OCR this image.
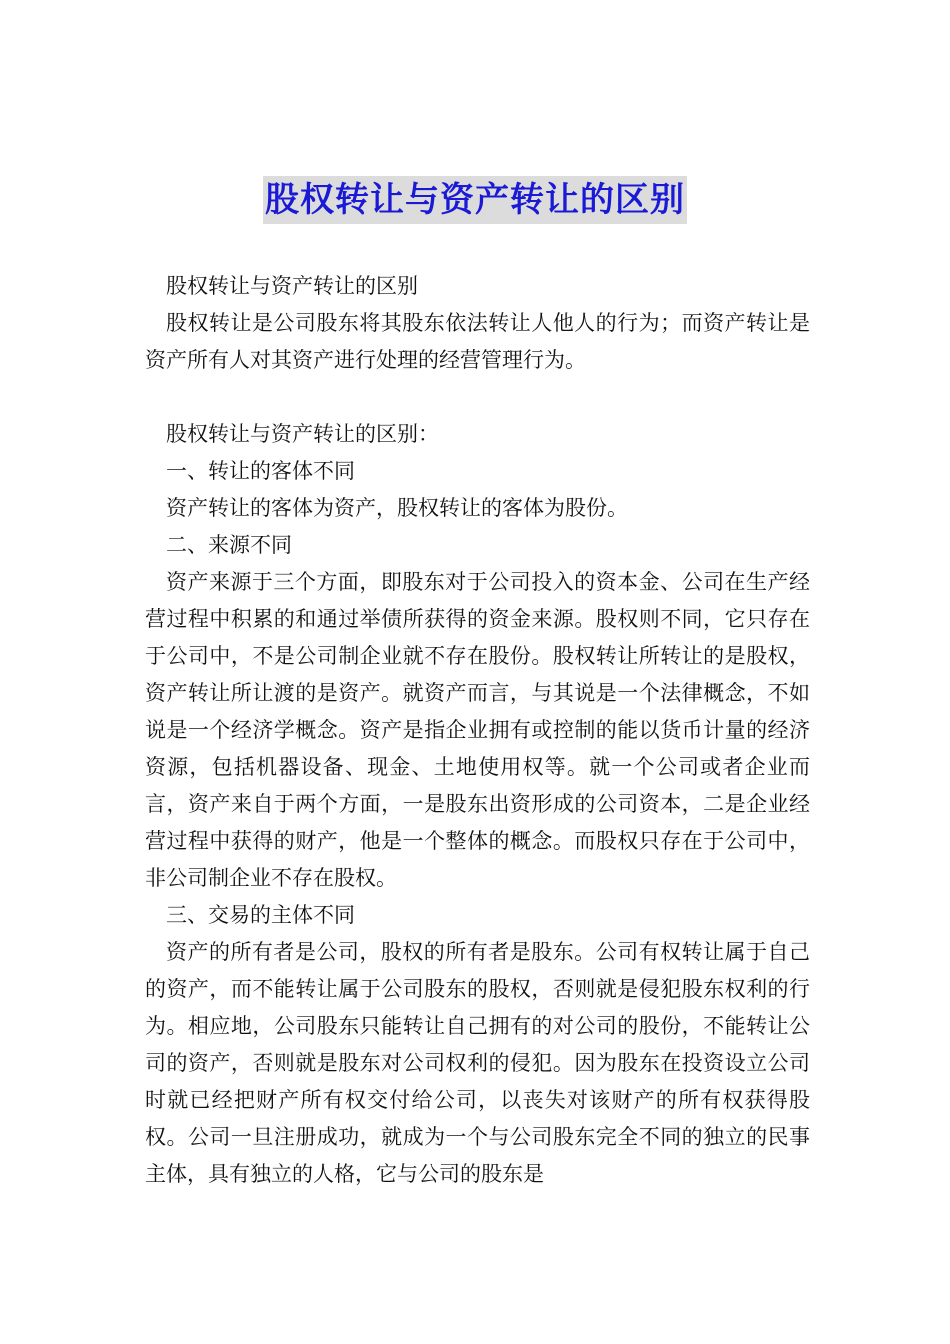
股权转让与资产转让的区别

股权转让与资产转让的区别

股权转让是公司股东将其股东依法转让人他人的行为；而资产转让是资产所有人对其资产进行处理的经营管理行为。

股权转让与资产转让的区别：

一、转让的客体不同

资产转让的客体为资产，股权转让的客体为股份。

二、来源不同

资产来源于三个方面，即股东对于公司投入的资本金、公司在生产经营过程中积累的和通过举债所获得的资金来源。股权则不同，它只存在于公司中，不是公司制企业就不存在股份。股权转让所转让的是股权，资产转让所让渡的是资产。就资产而言，与其说是一个法律概念，不如说是一个经济学概念。资产是指企业拥有或控制的能以货币计量的经济资源，包括机器设备、现金、土地使用权等。就一个公司或者企业而言，资产来自于两个方面，一是股东出资形成的公司资本，二是企业经营过程中获得的财产，他是一个整体的概念。而股权只存在于公司中，非公司制企业不存在股权。

三、交易的主体不同

资产的所有者是公司，股权的所有者是股东。公司有权转让属于自己的资产，而不能转让属于公司股东的股权，否则就是侵犯股东权利的行为。相应地，公司股东只能转让自己拥有的对公司的股份，不能转让公司的资产，否则就是股东对公司权利的侵犯。因为股东在投资设立公司时就已经把财产所有权交付给公司，以丧失对该财产的所有权获得股权。公司一旦注册成功，就成为一个与公司股东完全不同的独立的民事主体，具有独立的人格，它与公司的股东是
